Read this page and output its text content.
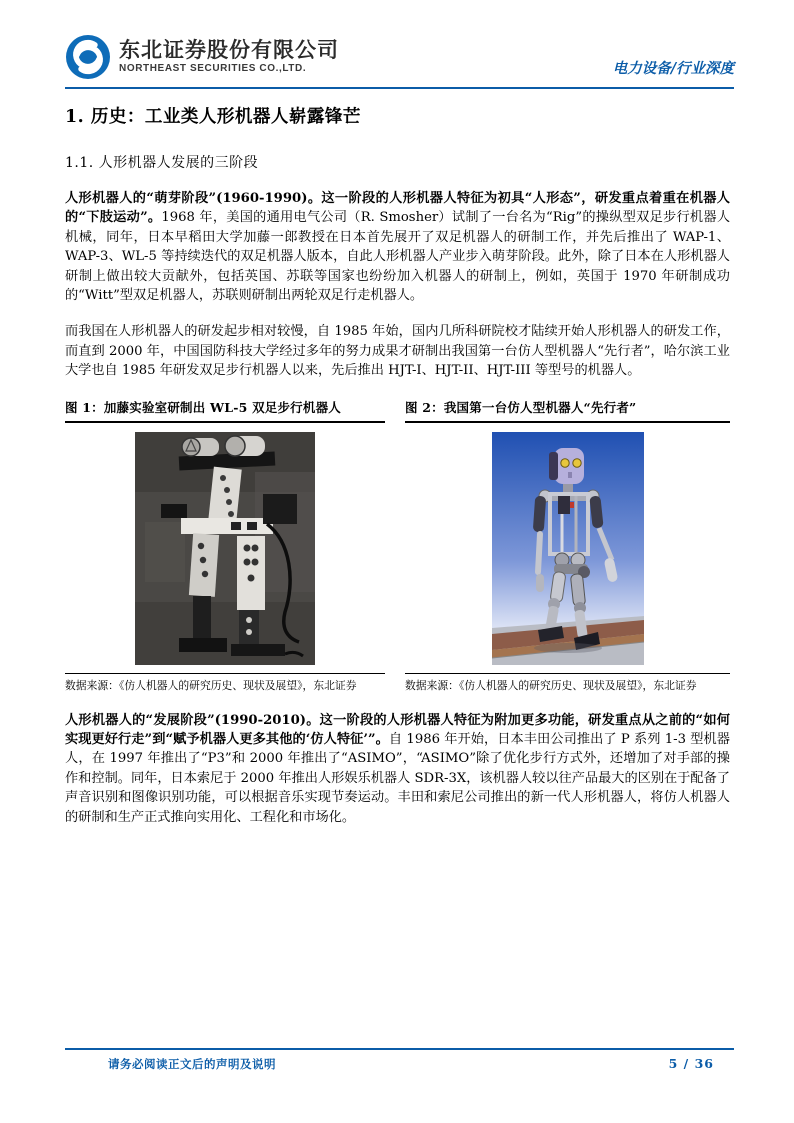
东北证券股份有限公司
NORTHEAST SECURITIES CO.,LTD.	电力设备/行业深度
1. 历史：工业类人形机器人崭露锋芒
1.1. 人形机器人发展的三阶段

人形机器人的“萌芽阶段”(1960-1990)。这一阶段的人形机器人特征为初具“人形态”，研发重点着重在机器人的“下肢运动”。1968 年，美国的通用电气公司（R. Smosher）试制了一台名为“Rig”的操纵型双足步行机器人机械，同年，日本早稻田大学加藤一郎教授在日本首先展开了双足机器人的研制工作，并先后推出了 WAP-1、WAP-3、WL-5 等持续迭代的双足机器人版本，自此人形机器人产业步入萌芽阶段。此外，除了日本在人形机器人研制上做出较大贡献外，包括英国、苏联等国家也纷纷加入机器人的研制上，例如，英国于 1970 年研制成功的“Witt”型双足机器人，苏联则研制出两轮双足行走机器人。

而我国在人形机器人的研发起步相对较慢，自 1985 年始，国内几所科研院校才陆续开始人形机器人的研发工作，而直到 2000 年，中国国防科技大学经过多年的努力成果才研制出我国第一台仿人型机器人“先行者”，哈尔滨工业大学也自 1985 年研发双足步行机器人以来，先后推出 HJT-I、HJT-II、HJT-III 等型号的机器人。

图 1：加藤实验室研制出 WL-5 双足步行机器人
数据来源：《仿人机器人的研究历史、现状及展望》，东北证券
图 2：我国第一台仿人型机器人“先行者”
数据来源：《仿人机器人的研究历史、现状及展望》，东北证券

人形机器人的“发展阶段”(1990-2010)。这一阶段的人形机器人特征为附加更多功能，研发重点从之前的“如何实现更好行走”到“赋予机器人更多其他的‘仿人特征’”。自 1986 年开始，日本丰田公司推出了 P 系列 1-3 型机器人，在 1997 年推出了“P3”和 2000 年推出了“ASIMO”，“ASIMO”除了优化步行方式外，还增加了对手部的操作和控制。同年，日本索尼于 2000 年推出人形娱乐机器人 SDR-3X，该机器人较以往产品最大的区别在于配备了声音识别和图像识别功能，可以根据音乐实现节奏运动。丰田和索尼公司推出的新一代人形机器人，将仿人机器人的研制和生产正式推向实用化、工程化和市场化。

请务必阅读正文后的声明及说明	5 / 36
